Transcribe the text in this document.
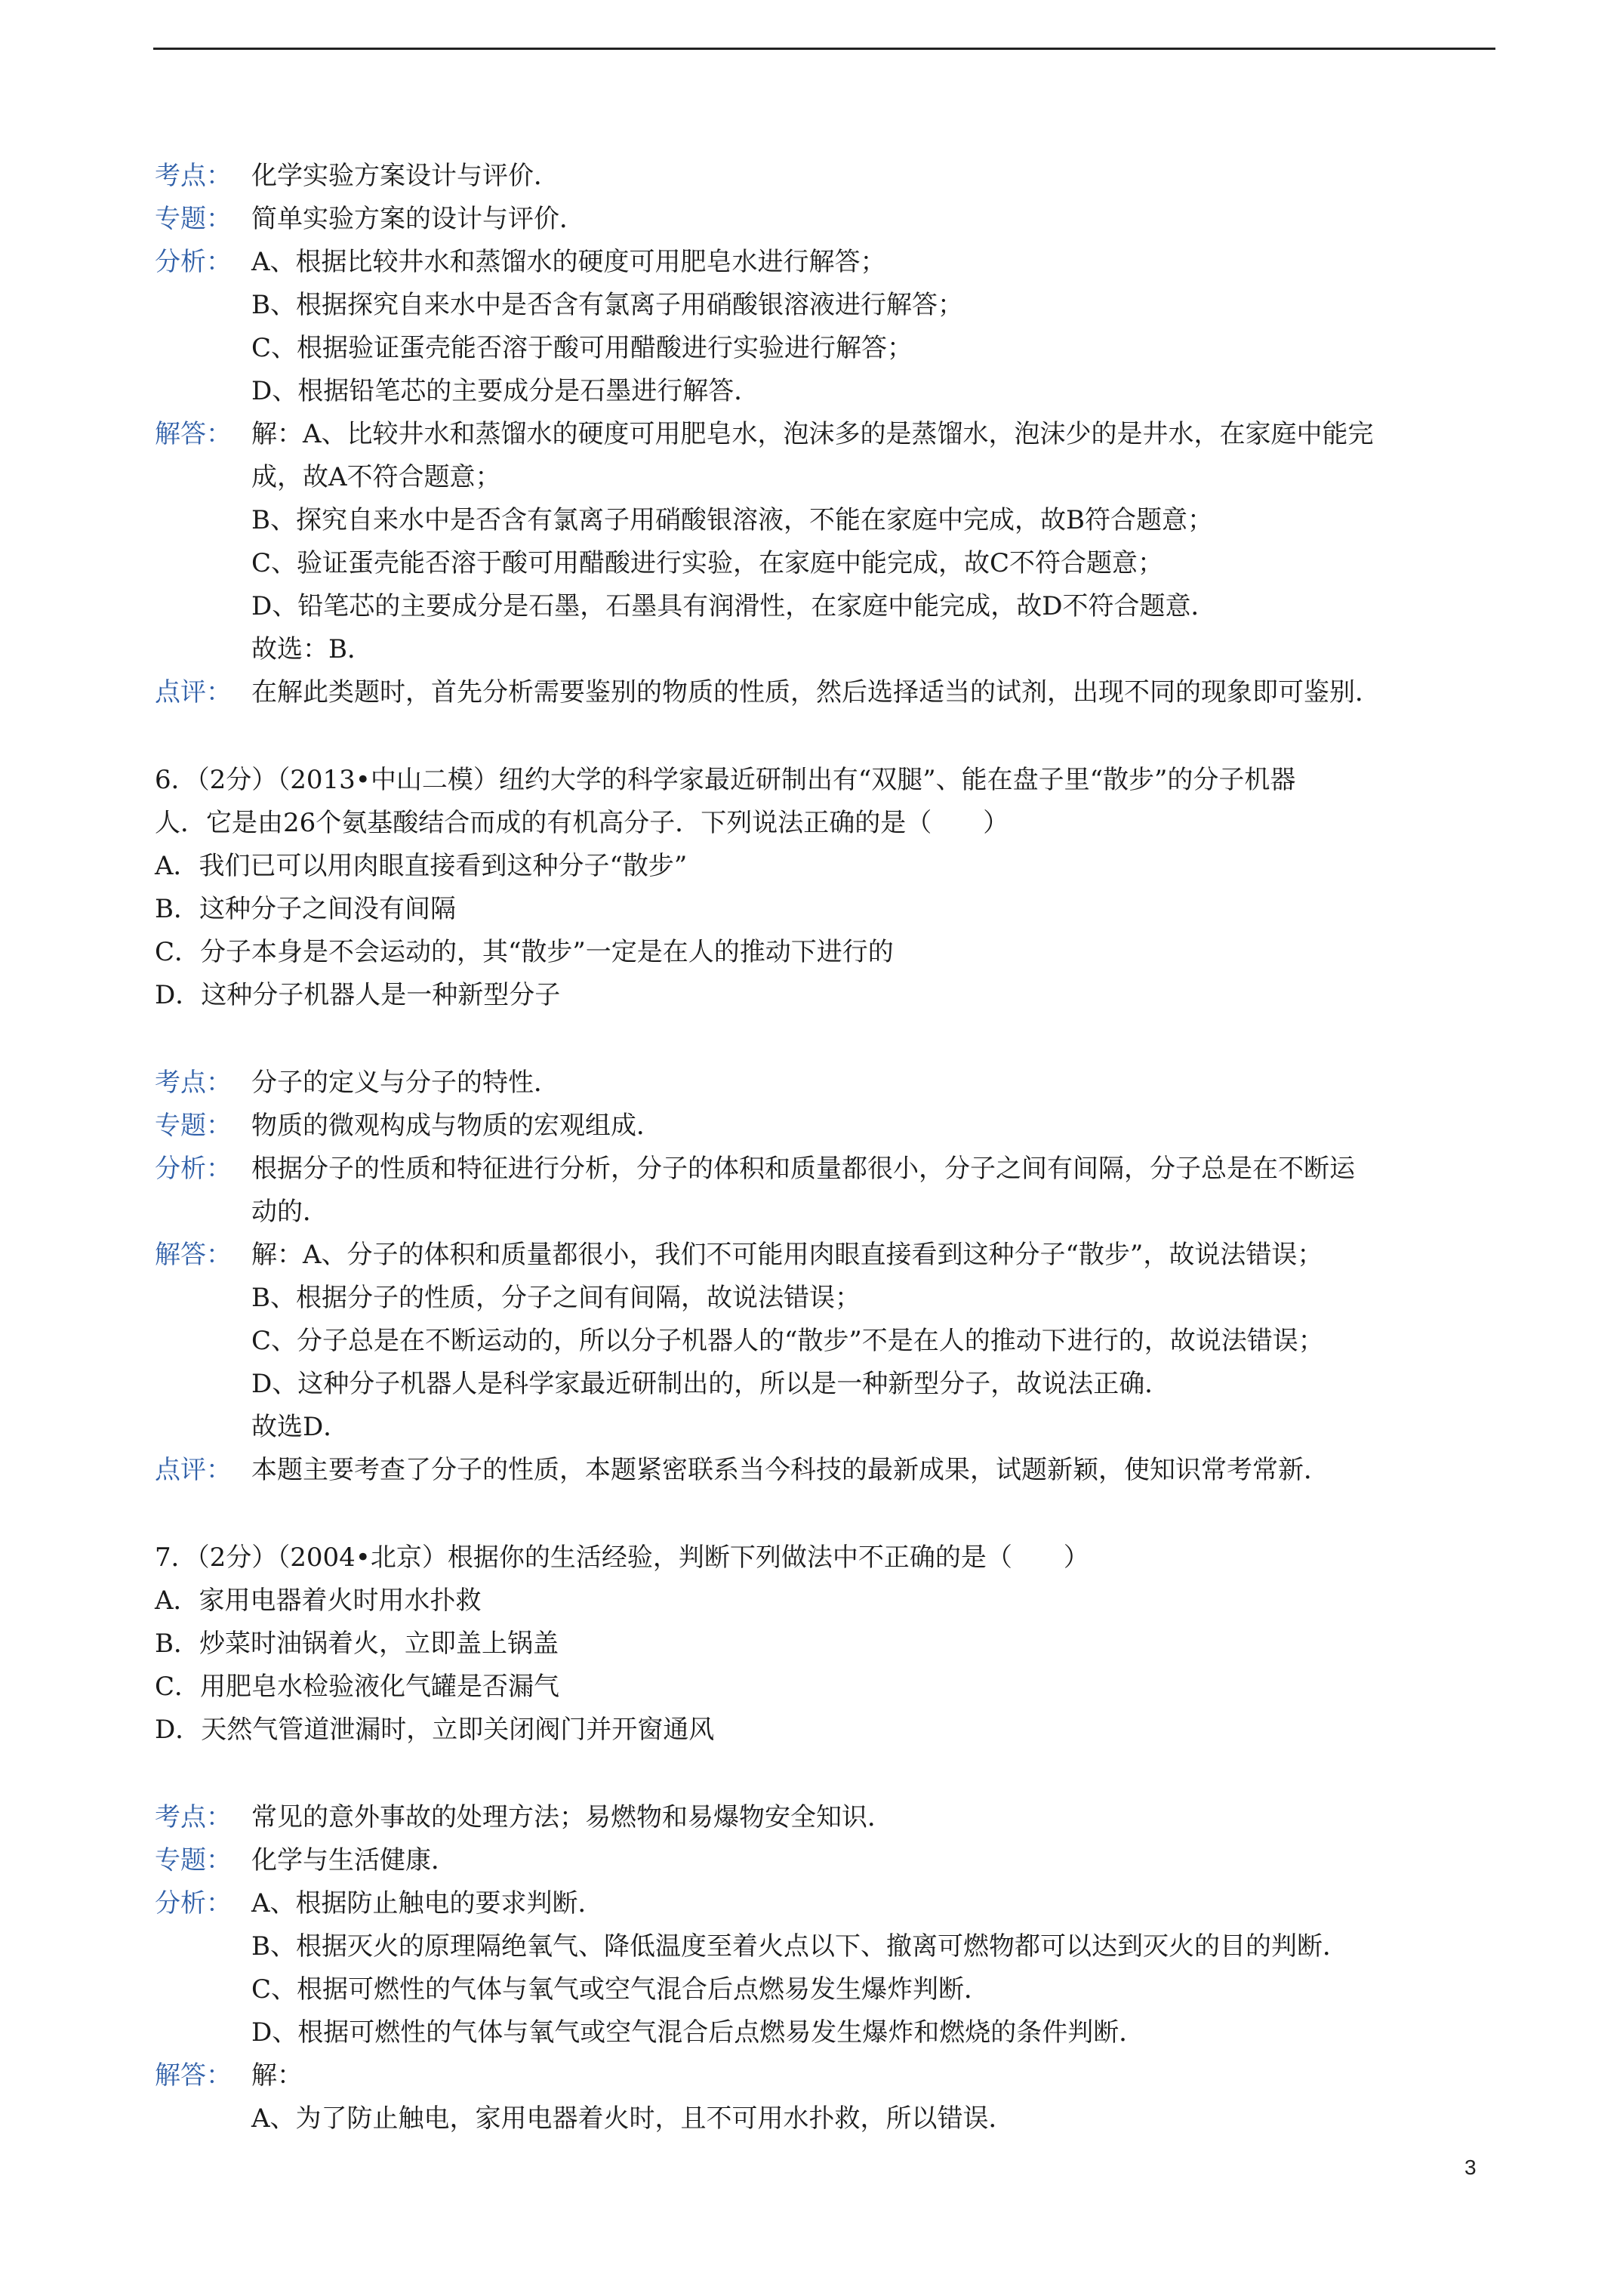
考点： 化学实验方案设计与评价．
专题： 简单实验方案的设计与评价．
分析： A、根据比较井水和蒸馏水的硬度可用肥皂水进行解答；
B、根据探究自来水中是否含有氯离子用硝酸银溶液进行解答；
C、根据验证蛋壳能否溶于酸可用醋酸进行实验进行解答；
D、根据铅笔芯的主要成分是石墨进行解答．
解答： 解：A、比较井水和蒸馏水的硬度可用肥皂水，泡沫多的是蒸馏水，泡沫少的是井水，在家庭中能完
成，故A不符合题意；
B、探究自来水中是否含有氯离子用硝酸银溶液，不能在家庭中完成，故B符合题意；
C、验证蛋壳能否溶于酸可用醋酸进行实验，在家庭中能完成，故C不符合题意；
D、铅笔芯的主要成分是石墨，石墨具有润滑性，在家庭中能完成，故D不符合题意．
故选：B．
点评： 在解此类题时，首先分析需要鉴别的物质的性质，然后选择适当的试剂，出现不同的现象即可鉴别．
6．（2分）（2013•中山二模）纽约大学的科学家最近研制出有“双腿”、能在盘子里“散步”的分子机器
人．它是由26个氨基酸结合而成的有机高分子．下列说法正确的是（　　）
A．我们已可以用肉眼直接看到这种分子“散步”
B．这种分子之间没有间隔
C．分子本身是不会运动的，其“散步”一定是在人的推动下进行的
D．这种分子机器人是一种新型分子
考点： 分子的定义与分子的特性．
专题： 物质的微观构成与物质的宏观组成．
分析： 根据分子的性质和特征进行分析，分子的体积和质量都很小，分子之间有间隔，分子总是在不断运
动的．
解答： 解：A、分子的体积和质量都很小，我们不可能用肉眼直接看到这种分子“散步”，故说法错误；
B、根据分子的性质，分子之间有间隔，故说法错误；
C、分子总是在不断运动的，所以分子机器人的“散步”不是在人的推动下进行的，故说法错误；
D、这种分子机器人是科学家最近研制出的，所以是一种新型分子，故说法正确．
故选D．
点评： 本题主要考查了分子的性质，本题紧密联系当今科技的最新成果，试题新颖，使知识常考常新．
7．（2分）（2004•北京）根据你的生活经验，判断下列做法中不正确的是（　　）
A．家用电器着火时用水扑救
B．炒菜时油锅着火，立即盖上锅盖
C．用肥皂水检验液化气罐是否漏气
D．天然气管道泄漏时，立即关闭阀门并开窗通风
考点： 常见的意外事故的处理方法；易燃物和易爆物安全知识．
专题： 化学与生活健康．
分析： A、根据防止触电的要求判断．
B、根据灭火的原理隔绝氧气、降低温度至着火点以下、撤离可燃物都可以达到灭火的目的判断．
C、根据可燃性的气体与氧气或空气混合后点燃易发生爆炸判断．
D、根据可燃性的气体与氧气或空气混合后点燃易发生爆炸和燃烧的条件判断．
解答： 解：
A、为了防止触电，家用电器着火时，且不可用水扑救，所以错误．
3
